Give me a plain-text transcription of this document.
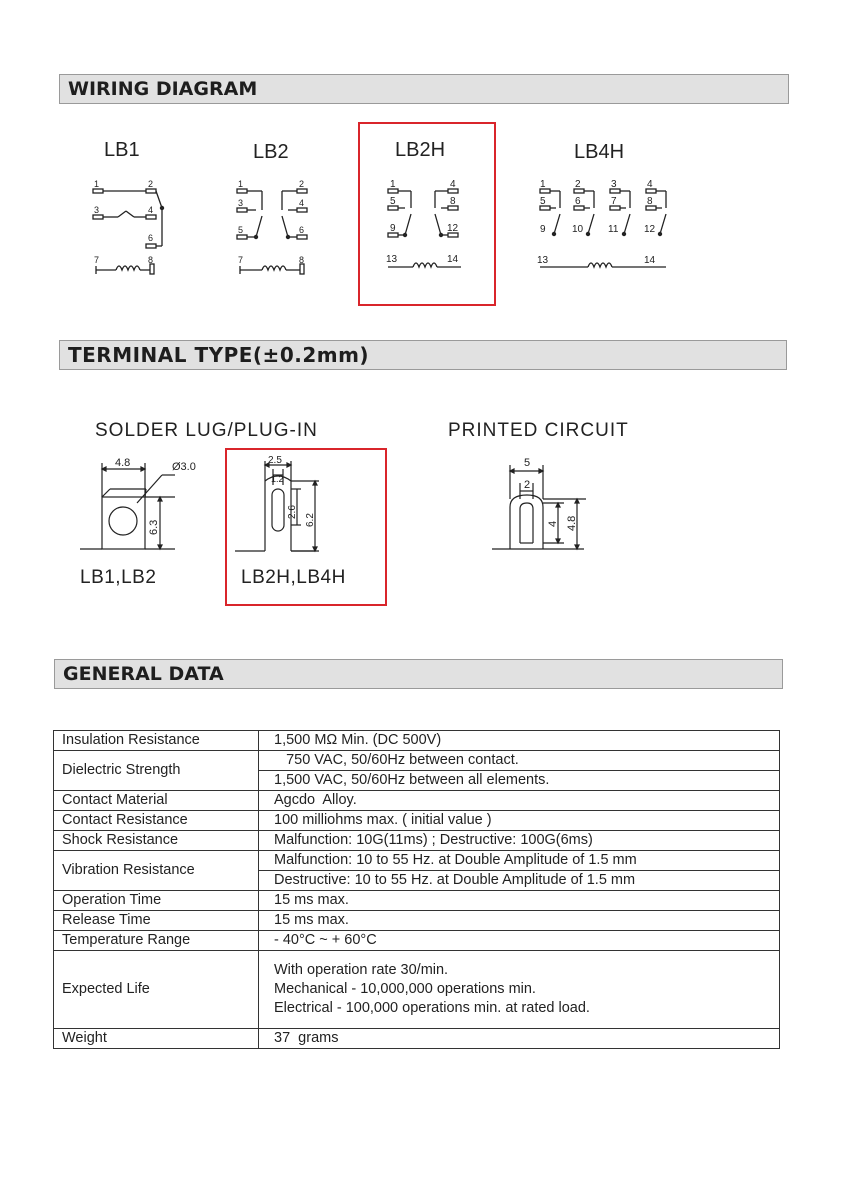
WIRING DIAGRAM
LB1	LB2	LB2H	LB4H
1	2
3	4
6
7	8
1	2
3	4
5	6
7	8
1	4
5	8
9	12
13	14
1	2	3	4
5	6	7	8
9	10 11	12
13	14
TERMINAL TYPE(±0.2mm)
SOLDER LUG/PLUG-IN	PRINTED CIRCUIT
4.8	Ø3.0
6.3
2.5
1.2
2.6
6.2
5
2
4 4.8
LB1,LB2	LB2H,LB4H
GENERAL DATA
Insulation Resistance	1,500 MΩ Min. (DC 500V)
Dielectric Strength	750 VAC, 50/60Hz between contact.
	1,500 VAC, 50/60Hz between all elements.
Contact Material	Agcdo  Alloy.
Contact Resistance	100 milliohms max. ( initial value )
Shock Resistance	Malfunction: 10G(11ms) ; Destructive: 100G(6ms)
Vibration Resistance	Malfunction: 10 to 55 Hz. at Double Amplitude of 1.5 mm
	Destructive: 10 to 55 Hz. at Double Amplitude of 1.5 mm
Operation Time	15 ms max.
Release Time	15 ms max.
Temperature Range	- 40°C ~ + 60°C
Expected Life	With operation rate 30/min.
Mechanical - 10,000,000 operations min.
Electrical - 100,000 operations min. at rated load.

Weight	37  grams
